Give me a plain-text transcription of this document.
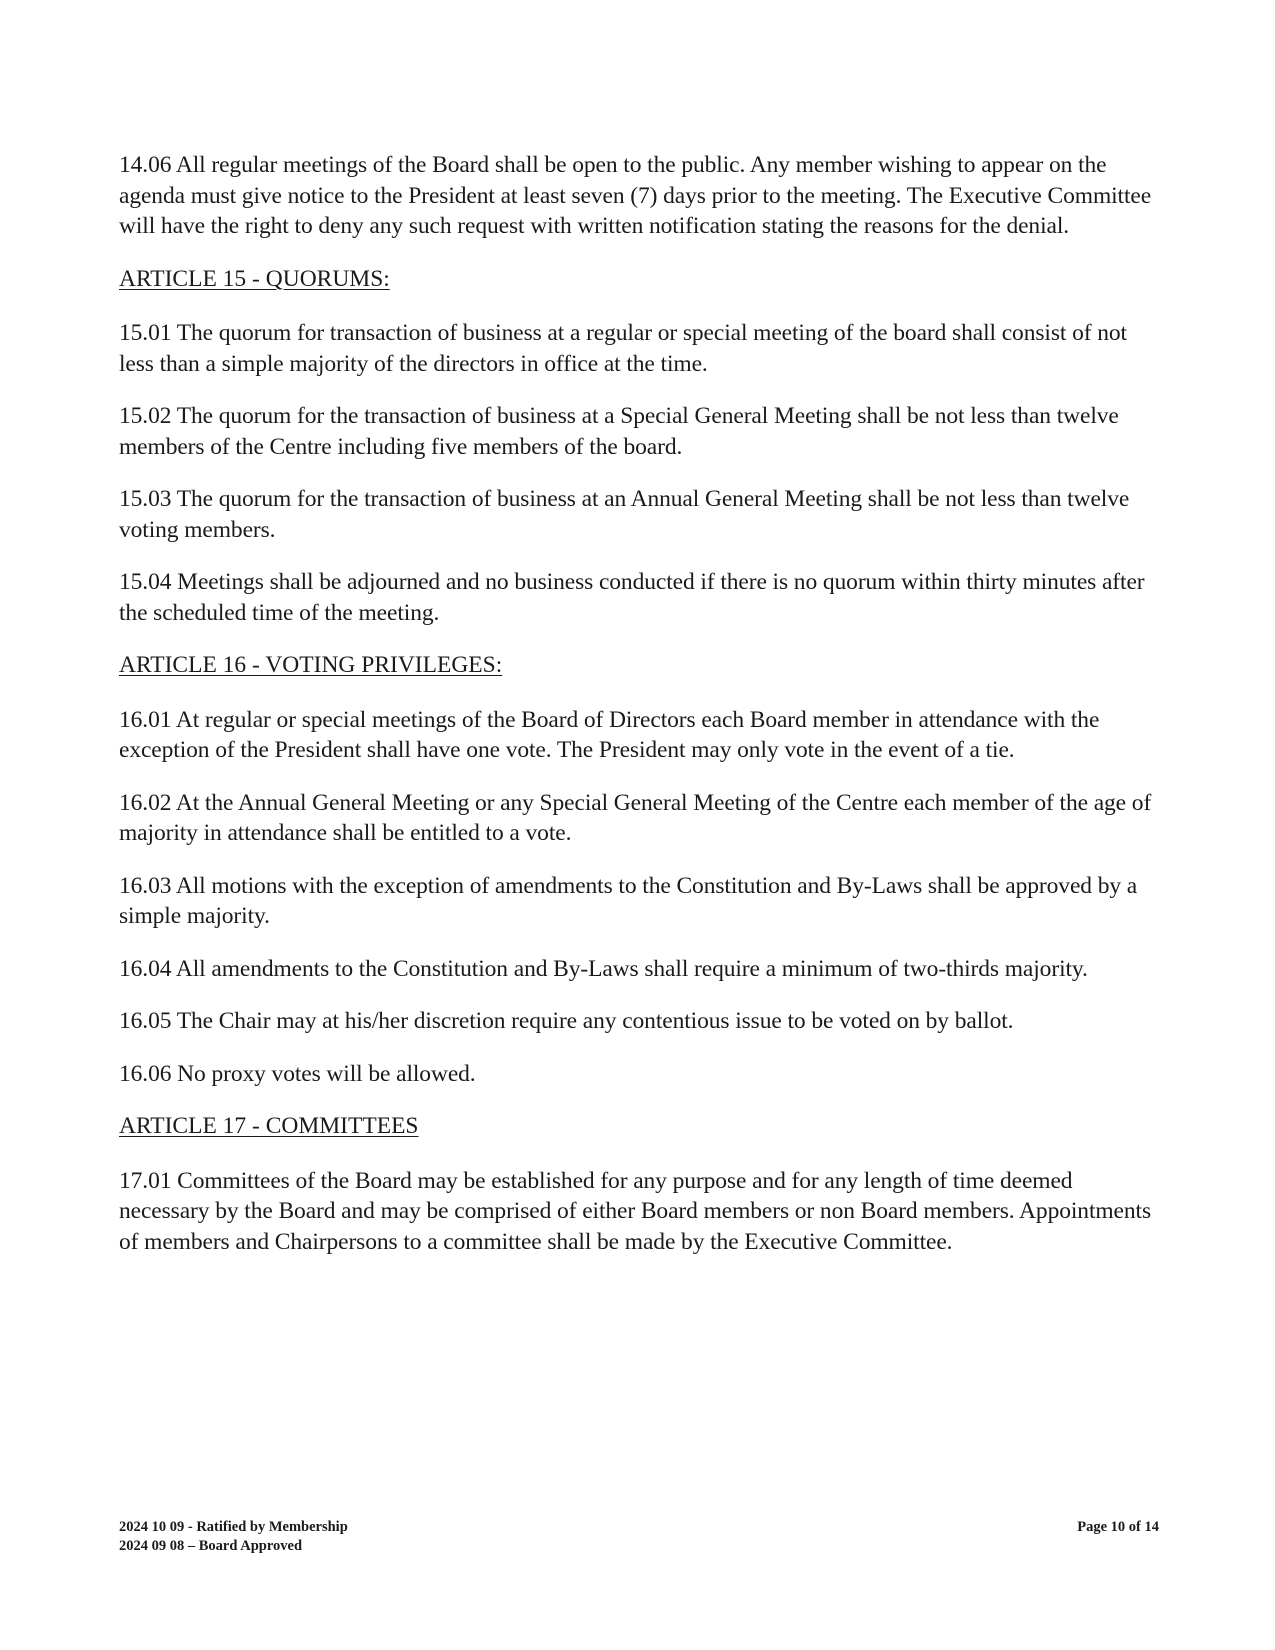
14.06 All regular meetings of the Board shall be open to the public. Any member wishing to appear on the agenda must give notice to the President at least seven (7) days prior to the meeting. The Executive Committee will have the right to deny any such request with written notification stating the reasons for the denial.

ARTICLE 15 - QUORUMS:

15.01 The quorum for transaction of business at a regular or special meeting of the board shall consist of not less than a simple majority of the directors in office at the time.

15.02 The quorum for the transaction of business at a Special General Meeting shall be not less than twelve members of the Centre including five members of the board.

15.03 The quorum for the transaction of business at an Annual General Meeting shall be not less than twelve voting members.

15.04 Meetings shall be adjourned and no business conducted if there is no quorum within thirty minutes after the scheduled time of the meeting.

ARTICLE 16 - VOTING PRIVILEGES:

16.01 At regular or special meetings of the Board of Directors each Board member in attendance with the exception of the President shall have one vote. The President may only vote in the event of a tie.

16.02 At the Annual General Meeting or any Special General Meeting of the Centre each member of the age of majority in attendance shall be entitled to a vote.

16.03 All motions with the exception of amendments to the Constitution and By-Laws shall be approved by a simple majority.

16.04 All amendments to the Constitution and By-Laws shall require a minimum of two-thirds majority.

16.05 The Chair may at his/her discretion require any contentious issue to be voted on by ballot.

16.06 No proxy votes will be allowed.

ARTICLE 17 - COMMITTEES

17.01 Committees of the Board may be established for any purpose and for any length of time deemed necessary by the Board and may be comprised of either Board members or non Board members. Appointments of members and Chairpersons to a committee shall be made by the Executive Committee.

2024 10 09 - Ratified by Membership
2024 09 08 – Board Approved
Page 10 of 14
